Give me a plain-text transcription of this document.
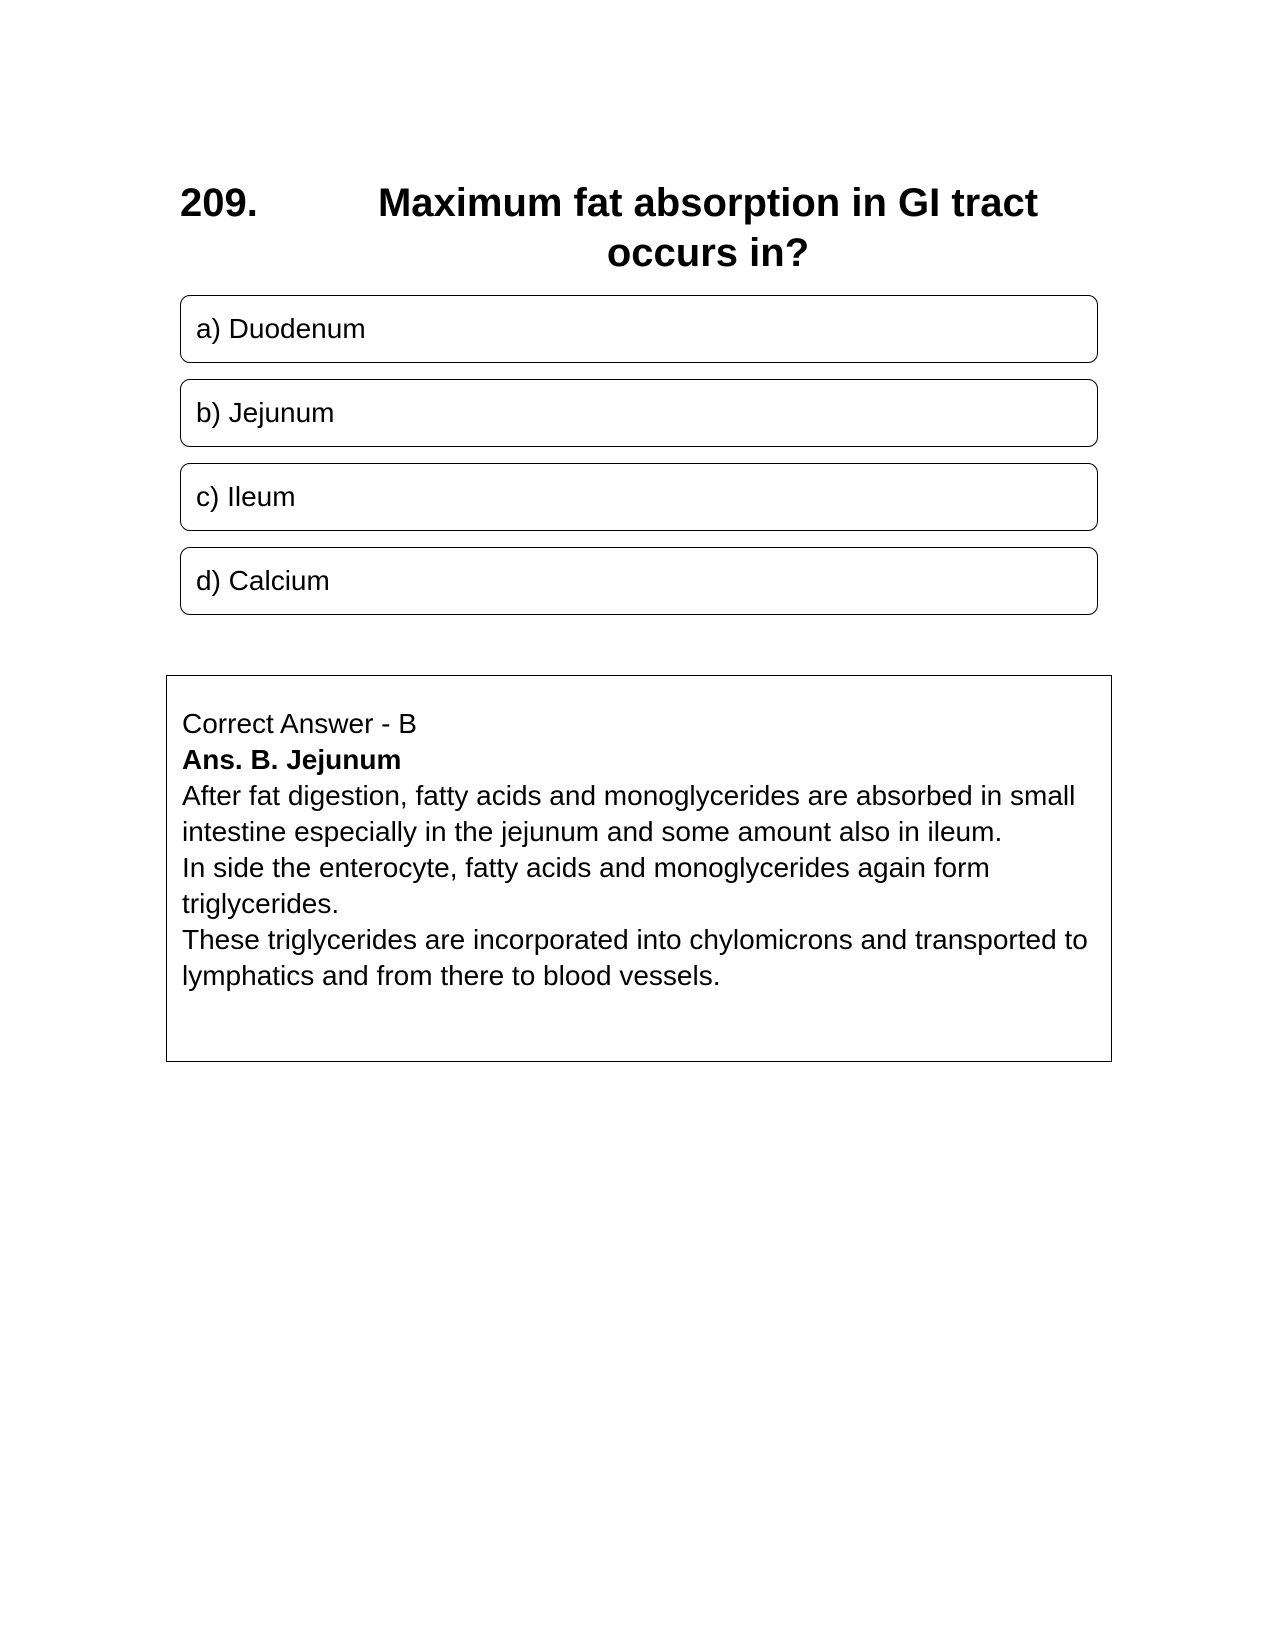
209.	Maximum fat absorption in GI tract occurs in?
a) Duodenum
b) Jejunum
c) Ileum
d) Calcium

Correct Answer - B

Ans. B. Jejunum

After fat digestion, fatty acids and monoglycerides are absorbed in small intestine especially in the jejunum and some amount also in ileum.

In side the enterocyte, fatty acids and monoglycerides again form triglycerides.

These triglycerides are incorporated into chylomicrons and transported to lymphatics and from there to blood vessels.
